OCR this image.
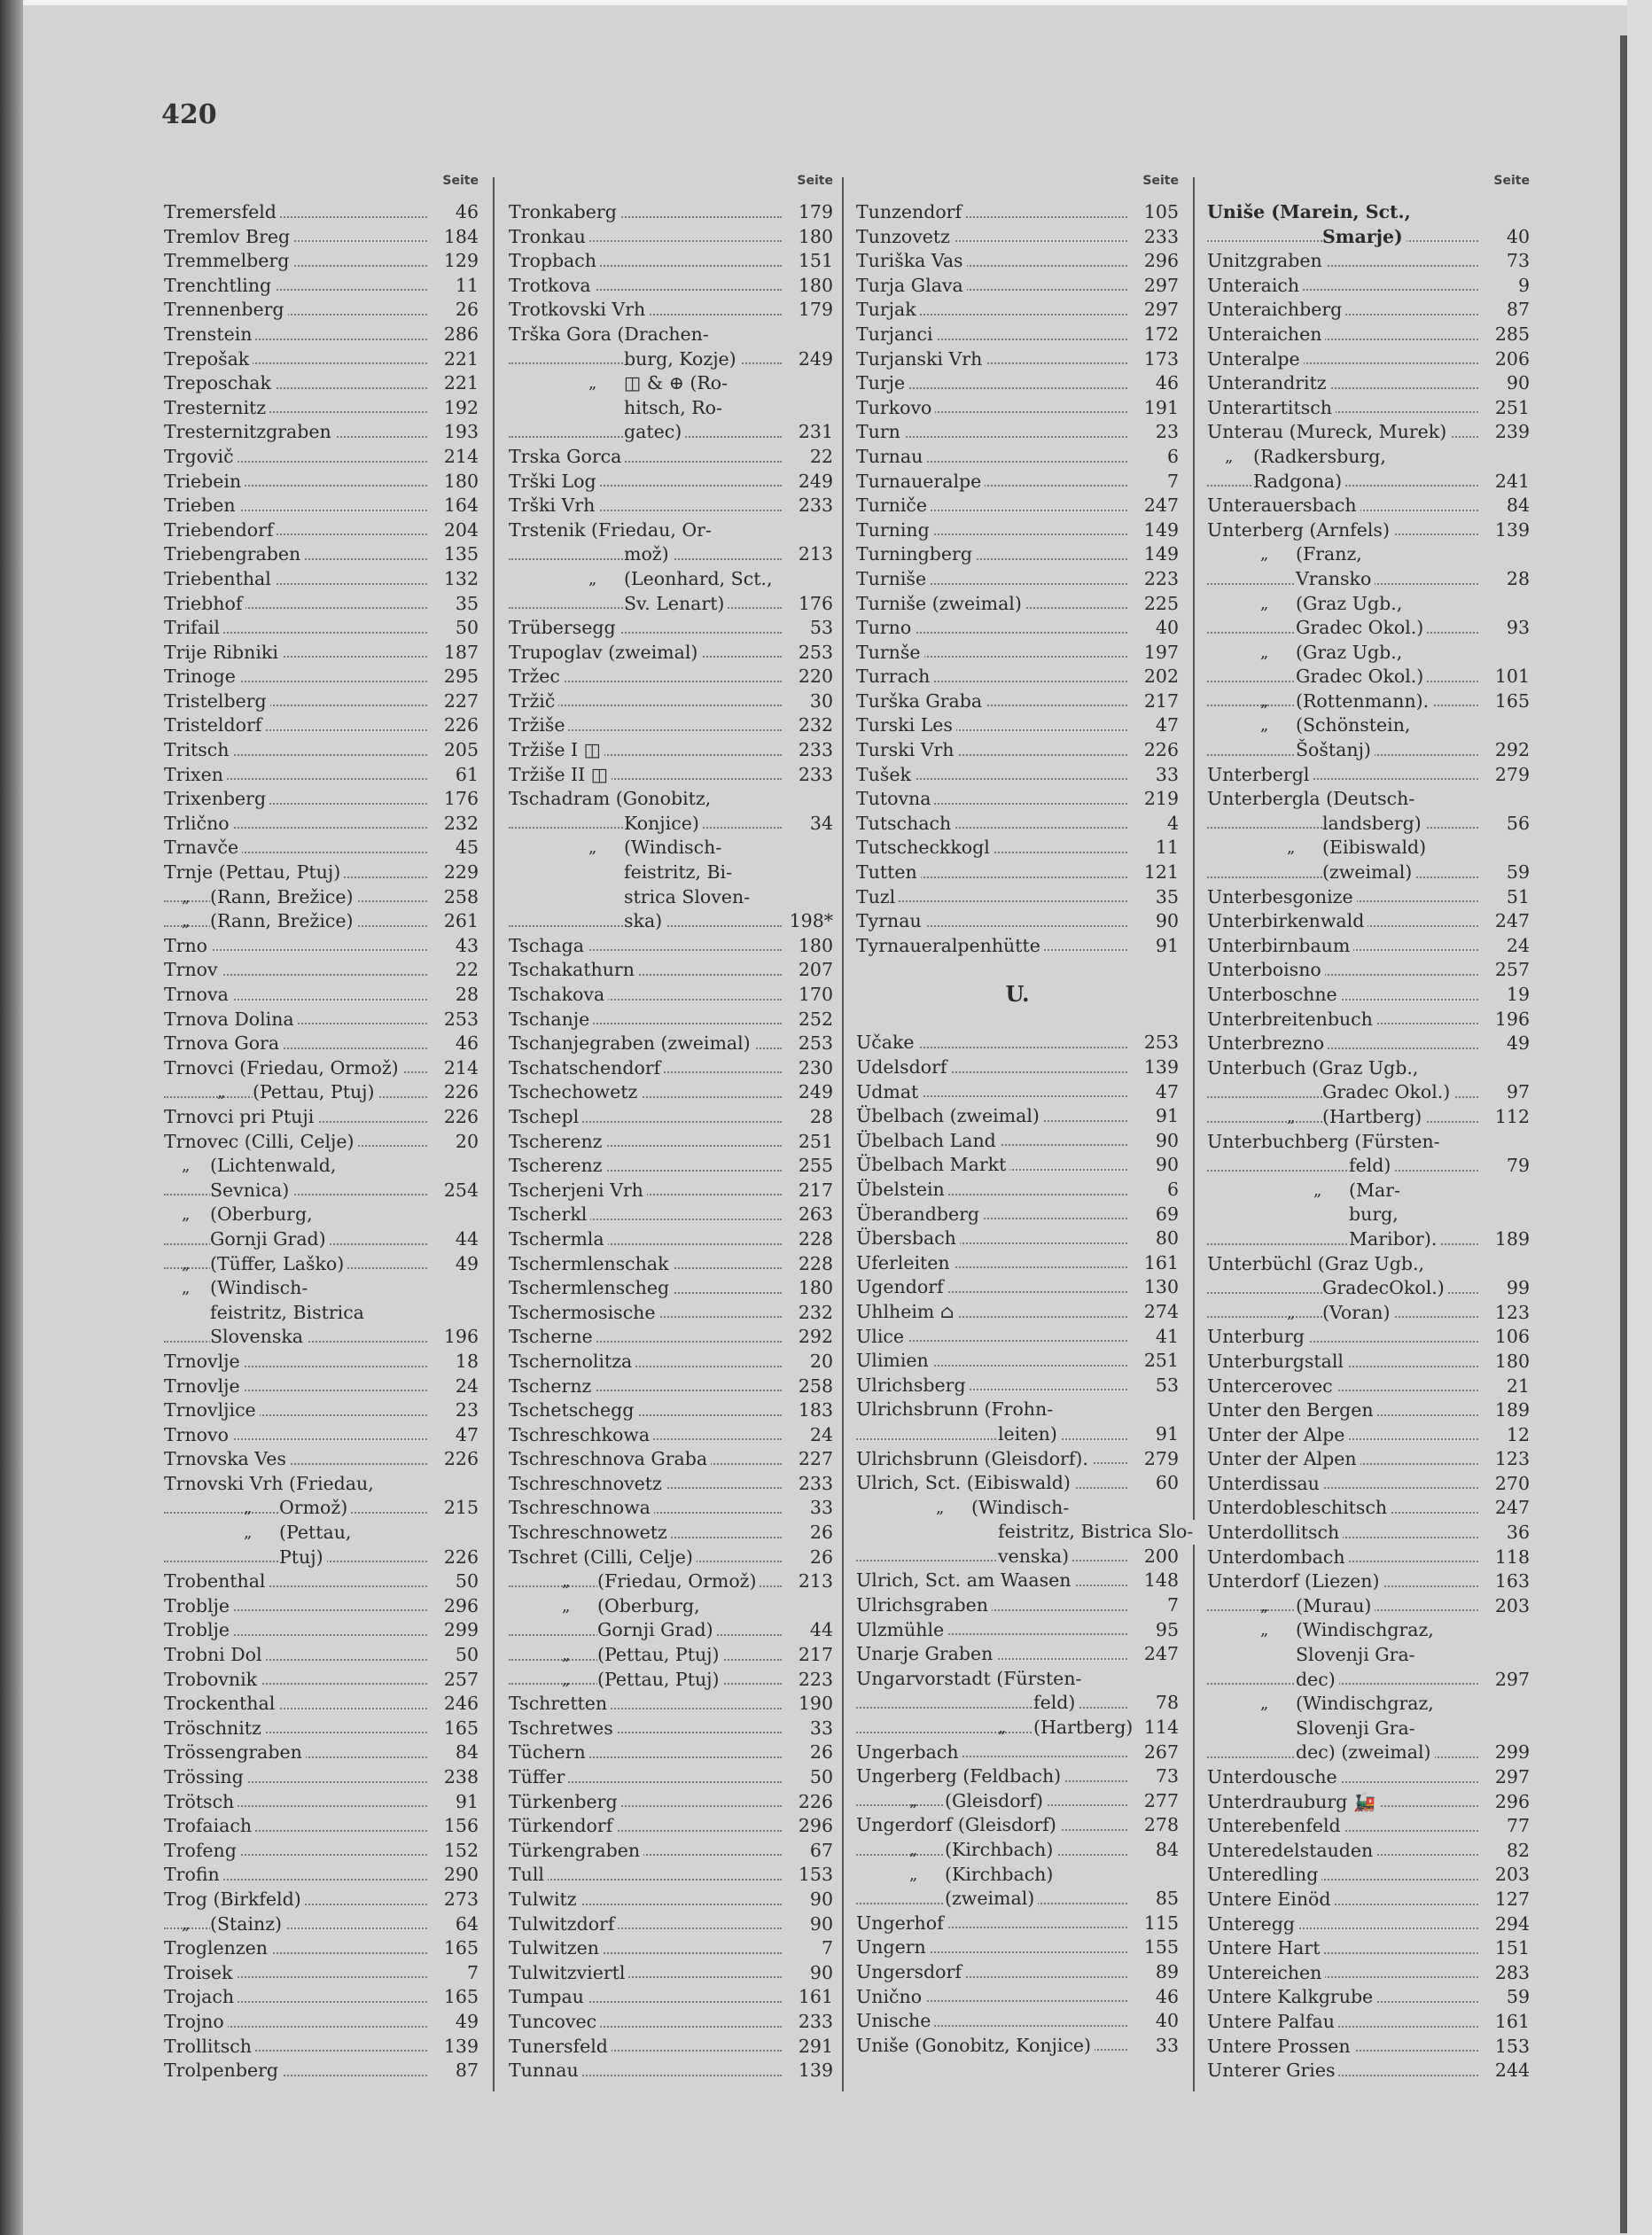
420
Seite
Tremersfeld	46
Tremlov Breg	184
Tremmelberg	129
Trenchtling	11
Trennenberg	26
Trenstein	286
Trepošak	221
Treposchak	221
Tresternitz	192
Tresternitzgraben	193
Trgovič	214
Triebein	180
Trieben	164
Triebendorf	204
Triebengraben	135
Triebenthal	132
Triebhof	35
Trifail	50
Trije Ribniki	187
Trinoge	295
Tristelberg	227
Tristeldorf	226
Tritsch	205
Trixen	61
Trixenberg	176
Trlično	232
Trnavče	45
Trnje (Pettau, Ptuj)	229
„ (Rann, Brežice)	258
„ (Rann, Brežice)	261
Trno	43
Trnov	22
Trnova	28
Trnova Dolina	253
Trnova Gora	46
Trnovci (Friedau, Ormož) 214
„ (Pettau, Ptuj)	226
Trnovci pri Ptuji	226
Trnovec (Cilli, Celje)	20
„ (Lichtenwald,
Sevnica)	254
„ (Oberburg,
Gornji Grad)	44
„ (Tüffer, Laško)	49
„ (Windisch-
feistritz, Bistrica
Slovenska	196
Trnovlje	18
Trnovlje	24
Trnovljice	23
Trnovo	47
Trnovska Ves	226
Trnovski Vrh (Friedau,
„ Ormož)	215
„ (Pettau,
Ptuj)	226
Trobenthal	50
Troblje	296
Troblje	299
Trobni Dol	50
Trobovnik	257
Trockenthal	246
Tröschnitz	165
Trössengraben	84
Trössing	238
Trötsch	91
Trofaiach	156
Trofeng	152
Trofin	290
Trog (Birkfeld)	273
„ (Stainz)	64
Troglenzen	165
Troisek	7
Trojach	165
Trojno	49
Trollitsch	139
Trolpenberg	87
Seite
Tronkaberg	179
Tronkau	180
Tropbach	151
Trotkova	180
Trotkovski Vrh	179
Trška Gora (Drachen-
burg, Kozje)	249
„ ◫ & ⊕ (Ro-
hitsch, Ro-
gatec)	231
Trska Gorca	22
Trški Log	249
Trški Vrh	233
Trstenik (Friedau, Or-
mož)	213
„ (Leonhard, Sct.,
Sv. Lenart)	176
Trübersegg	53
Trupoglav (zweimal)	253
Tržec	220
Tržič	30
Tržiše	232
Tržiše I ◫	233
Tržiše II ◫	233
Tschadram (Gonobitz,
Konjice)	34
„ (Windisch-
feistritz, Bi-
strica Sloven-
ska)	198*
Tschaga	180
Tschakathurn	207
Tschakova	170
Tschanje	252
Tschanjegraben (zweimal)	253
Tschatschendorf	230
Tschechowetz	249
Tschepl	28
Tscherenz	251
Tscherenz	255
Tscherjeni Vrh	217
Tscherkl	263
Tschermla	228
Tschermlenschak	228
Tschermlenscheg	180
Tschermosische	232
Tscherne	292
Tschernolitza	20
Tschernz	258
Tschetschegg	183
Tschreschkowa	24
Tschreschnova Graba	227
Tschreschnovetz	233
Tschreschnowa	33
Tschreschnowetz	26
Tschret (Cilli, Celje)	26
„ (Friedau, Ormož) 213
„ (Oberburg,
Gornji Grad)	44
„ (Pettau, Ptuj)	217
„ (Pettau, Ptuj)	223
Tschretten	190
Tschretwes	33
Tüchern	26
Tüffer	50
Türkenberg	226
Türkendorf	296
Türkengraben	67
Tull	153
Tulwitz	90
Tulwitzdorf	90
Tulwitzen	7
Tulwitzviertl	90
Tumpau	161
Tuncovec	233
Tunersfeld	291
Tunnau	139
Seite
Tunzendorf	105
Tunzovetz	233
Turiška Vas	296
Turja Glava	297
Turjak	297
Turjanci	172
Turjanski Vrh	173
Turje	46
Turkovo	191
Turn	23
Turnau	6
Turnaueralpe	7
Turniče	247
Turning	149
Turningberg	149
Turniše	223
Turniše (zweimal)	225
Turno	40
Turnše	197
Turrach	202
Turška Graba	217
Turski Les	47
Turski Vrh	226
Tušek	33
Tutovna	219
Tutschach	4
Tutscheckkogl	11
Tutten	121
Tuzl	35
Tyrnau	90
Tyrnaueralpenhütte	91
U.
Učake	253
Udelsdorf	139
Udmat	47
Übelbach (zweimal)	91
Übelbach Land	90
Übelbach Markt	90
Übelstein	6
Überandberg	69
Übersbach	80
Uferleiten	161
Ugendorf	130
Uhlheim ⌂	274
Ulice	41
Ulimien	251
Ulrichsberg	53
Ulrichsbrunn (Frohn-
leiten)	91
Ulrichsbrunn (Gleisdorf).	279
Ulrich, Sct. (Eibiswald)	60
„ (Windisch-
feistritz, Bistrica Slo-
venska)	200
Ulrich, Sct. am Waasen	148
Ulrichsgraben	7
Ulzmühle	95
Unarje Graben	247
Ungarvorstadt (Fürsten-
feld)	78
„ (Hartberg) 114
Ungerbach	267
Ungerberg (Feldbach)	73
„ (Gleisdorf)	277
Ungerdorf (Gleisdorf)	278
„ (Kirchbach)	84
„ (Kirchbach)
(zweimal)	85
Ungerhof	115
Ungern	155
Ungersdorf	89
Unično	46
Unische	40
Uniše (Gonobitz, Konjice)	33
Seite
Uniše (Marein, Sct.,
Smarje)	40
Unitzgraben	73
Unteraich	9
Unteraichberg	87
Unteraichen	285
Unteralpe	206
Unterandritz	90
Unterartitsch	251
Unterau (Mureck, Murek)	239
„ (Radkersburg,
Radgona)	241
Unterauersbach	84
Unterberg (Arnfels)	139
„ (Franz,
Vransko	28
„ (Graz Ugb.,
Gradec Okol.)	93
„ (Graz Ugb.,
Gradec Okol.)	101
„ (Rottenmann).	165
„ (Schönstein,
Šoštanj)	292
Unterbergl	279
Unterbergla (Deutsch-
landsberg)	56
„ (Eibiswald)
(zweimal)	59
Unterbesgonize	51
Unterbirkenwald	247
Unterbirnbaum	24
Unterboisno	257
Unterboschne	19
Unterbreitenbuch	196
Unterbrezno	49
Unterbuch (Graz Ugb.,
Gradec Okol.)	97
„ (Hartberg)	112
Unterbuchberg (Fürsten-
feld)	79
„ (Mar-
burg,
Maribor).	189
Unterbüchl (Graz Ugb.,
GradecOkol.)	99
„ (Voran)	123
Unterburg	106
Unterburgstall	180
Untercerovec	21
Unter den Bergen	189
Unter der Alpe	12
Unter der Alpen	123
Unterdissau	270
Unterdobleschitsch	247
Unterdollitsch	36
Unterdombach	118
Unterdorf (Liezen)	163
„ (Murau)	203
„ (Windischgraz,
Slovenji Gra-
dec)	297
„ (Windischgraz,
Slovenji Gra-
dec) (zweimal)	299
Unterdousche	297
Unterdrauburg 🚂	296
Unterebenfeld	77
Unteredelstauden	82
Unteredling	203
Untere Einöd	127
Unteregg	294
Untere Hart	151
Untereichen	283
Untere Kalkgrube	59
Untere Palfau	161
Untere Prossen	153
Unterer Gries	244
